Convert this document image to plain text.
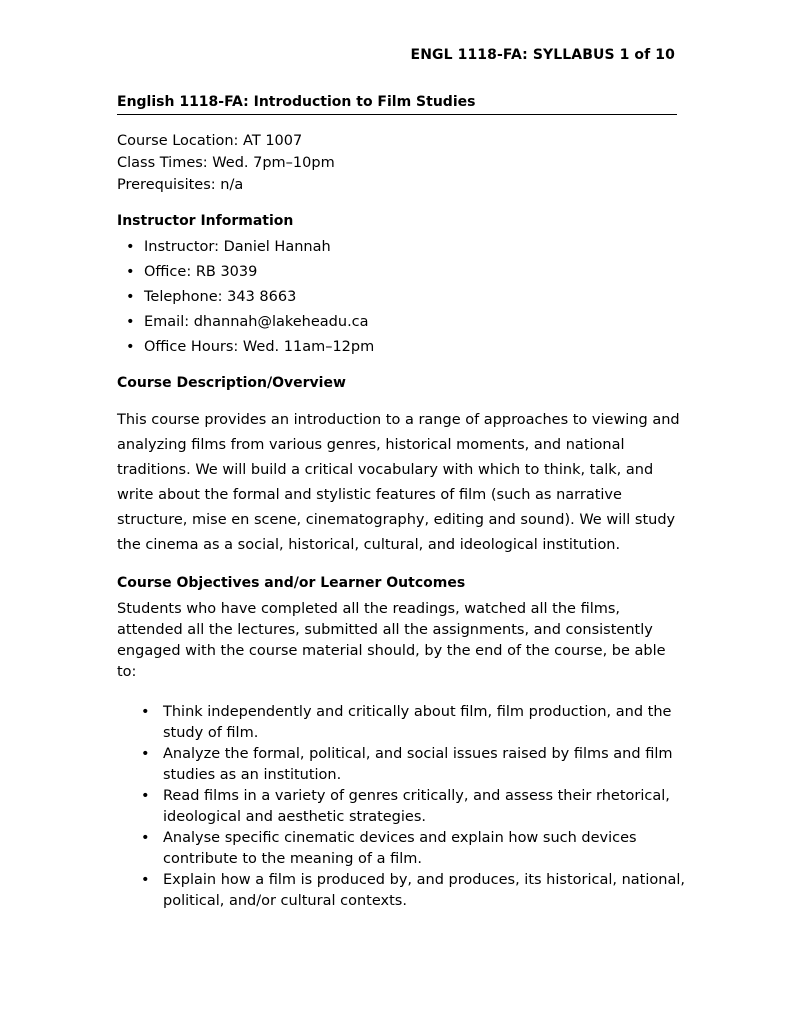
ENGL 1118-FA: SYLLABUS 1 of 10
English 1118-FA: Introduction to Film Studies
Course Location: AT 1007
Class Times: Wed. 7pm–10pm
Prerequisites: n/a
Instructor Information
• Instructor: Daniel Hannah
• Office: RB 3039
• Telephone: 343 8663
• Email: dhannah@lakeheadu.ca
• Office Hours: Wed. 11am–12pm
Course Description/Overview

This course provides an introduction to a range of approaches to viewing and analyzing films from various genres, historical moments, and national traditions. We will build a critical vocabulary with which to think, talk, and write about the formal and stylistic features of film (such as narrative structure, mise en scene, cinematography, editing and sound). We will study the cinema as a social, historical, cultural, and ideological institution.

Course Objectives and/or Learner Outcomes

Students who have completed all the readings, watched all the films, attended all the lectures, submitted all the assignments, and consistently engaged with the course material should, by the end of the course, be able to:

• Think independently and critically about film, film production, and the study of film.
• Analyze the formal, political, and social issues raised by films and film studies as an institution.
• Read films in a variety of genres critically, and assess their rhetorical, ideological and aesthetic strategies.
• Analyse specific cinematic devices and explain how such devices contribute to the meaning of a film.
• Explain how a film is produced by, and produces, its historical, national, political, and/or cultural contexts.
